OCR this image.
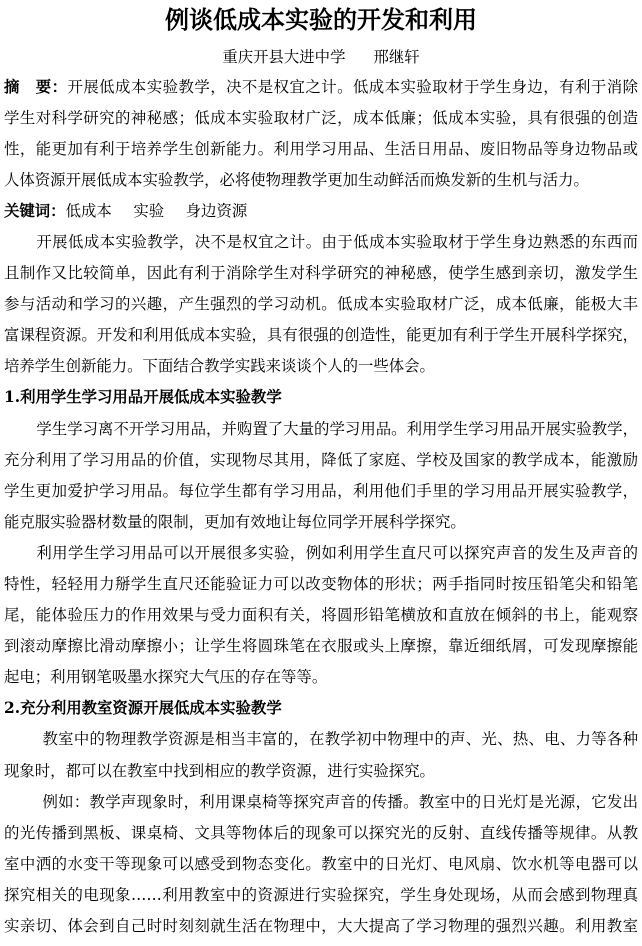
例谈低成本实验的开发和利用
重庆开县大进中学 邢继轩
摘　要：开展低成本实验教学，决不是权宜之计。低成本实验取材于学生身边，有利于消除
学生对科学研究的神秘感；低成本实验取材广泛，成本低廉；低成本实验，具有很强的创造
性，能更加有利于培养学生创新能力。利用学习用品、生活日用品、废旧物品等身边物品或
人体资源开展低成本实验教学，必将使物理教学更加生动鲜活而焕发新的生机与活力。
关键词：低成本 实验 身边资源
开展低成本实验教学，决不是权宜之计。由于低成本实验取材于学生身边熟悉的东西而
且制作又比较简单，因此有利于消除学生对科学研究的神秘感，使学生感到亲切，激发学生
参与活动和学习的兴趣，产生强烈的学习动机。低成本实验取材广泛，成本低廉，能极大丰
富课程资源。开发和利用低成本实验，具有很强的创造性，能更加有利于学生开展科学探究，
培养学生创新能力。下面结合教学实践来谈谈个人的一些体会。
1.利用学生学习用品开展低成本实验教学
学生学习离不开学习用品，并购置了大量的学习用品。利用学生学习用品开展实验教学，
充分利用了学习用品的价值，实现物尽其用，降低了家庭、学校及国家的教学成本，能激励
学生更加爱护学习用品。每位学生都有学习用品，利用他们手里的学习用品开展实验教学，
能克服实验器材数量的限制，更加有效地让每位同学开展科学探究。
利用学生学习用品可以开展很多实验，例如利用学生直尺可以探究声音的发生及声音的
特性，轻轻用力掰学生直尺还能验证力可以改变物体的形状；两手指同时按压铅笔尖和铅笔
尾，能体验压力的作用效果与受力面积有关，将圆形铅笔横放和直放在倾斜的书上，能观察
到滚动摩擦比滑动摩擦小；让学生将圆珠笔在衣服或头上摩擦，靠近细纸屑，可发现摩擦能
起电；利用钢笔吸墨水探究大气压的存在等等。
2.充分利用教室资源开展低成本实验教学
教室中的物理教学资源是相当丰富的，在教学初中物理中的声、光、热、电、力等各种
现象时，都可以在教室中找到相应的教学资源，进行实验探究。
例如：教学声现象时，利用课桌椅等探究声音的传播。教室中的日光灯是光源，它发出
的光传播到黑板、课桌椅、文具等物体后的现象可以探究光的反射、直线传播等规律。从教
室中洒的水变干等现象可以感受到物态变化。教室中的日光灯、电风扇、饮水机等电器可以
探究相关的电现象……利用教室中的资源进行实验探究，学生身处现场，从而会感到物理真
实亲切、体会到自己时时刻刻就生活在物理中，大大提高了学习物理的强烈兴趣。利用教室
